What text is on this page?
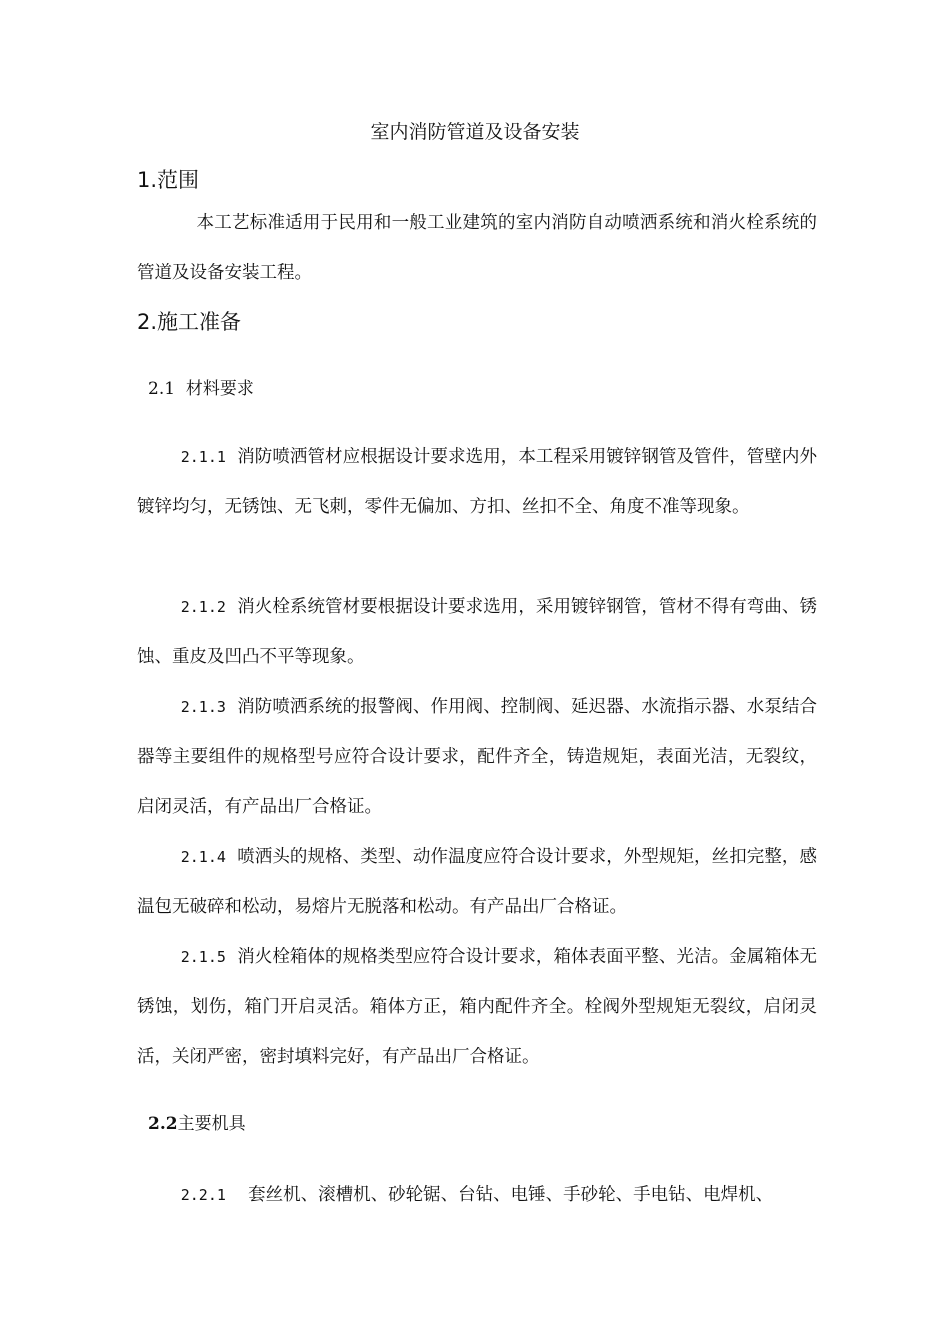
室内消防管道及设备安装
1.范围
本工艺标准适用于民用和一般工业建筑的室内消防自动喷洒系统和消火栓系统的管道及设备安装工程。
2.施工准备
2.1 材料要求
2.1.1 消防喷洒管材应根据设计要求选用，本工程采用镀锌钢管及管件，管壁内外镀锌均匀，无锈蚀、无飞刺，零件无偏加、方扣、丝扣不全、角度不准等现象。
2.1.2 消火栓系统管材要根据设计要求选用，采用镀锌钢管，管材不得有弯曲、锈蚀、重皮及凹凸不平等现象。
2.1.3 消防喷洒系统的报警阀、作用阀、控制阀、延迟器、水流指示器、水泵结合器等主要组件的规格型号应符合设计要求，配件齐全，铸造规矩，表面光洁，无裂纹，启闭灵活，有产品出厂合格证。
2.1.4 喷洒头的规格、类型、动作温度应符合设计要求，外型规矩，丝扣完整，感温包无破碎和松动，易熔片无脱落和松动。有产品出厂合格证。
2.1.5 消火栓箱体的规格类型应符合设计要求，箱体表面平整、光洁。金属箱体无锈蚀，划伤，箱门开启灵活。箱体方正，箱内配件齐全。栓阀外型规矩无裂纹，启闭灵活，关闭严密，密封填料完好，有产品出厂合格证。
2.2主要机具
2.2.1 套丝机、滚槽机、砂轮锯、台钻、电锤、手砂轮、手电钻、电焊机、
